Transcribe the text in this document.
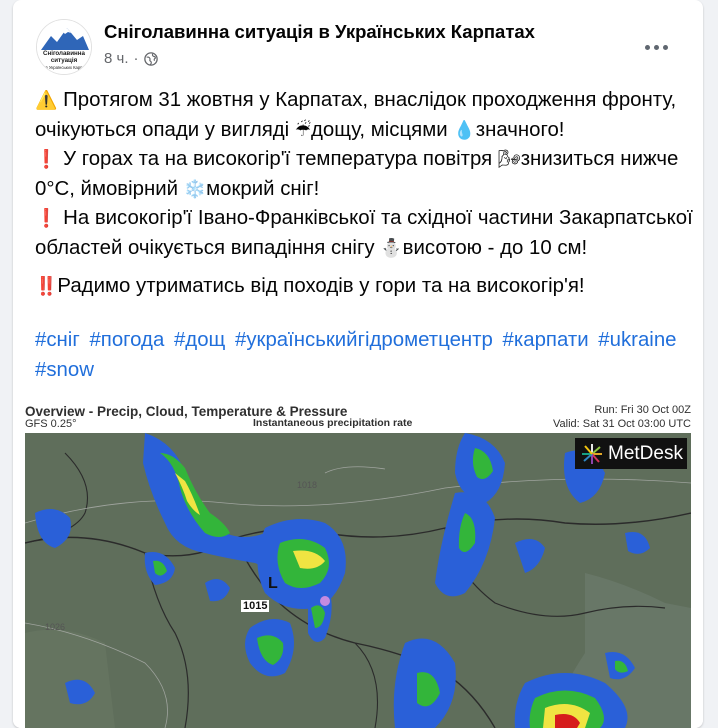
Сніголавинна
ситуація
в Українських Карп
Сніголавинна ситуація в Українських Карпатах
8 ч. ·

⚠️ Протягом 31 жовтня у Карпатах, внаслідок проходження фронту, очікуються опади у вигляді ☔дощу, місцями 💧значного!

❗ У горах та на високогір'ї температура повітря 🌬знизиться нижче 0°C, ймовірний ❄️мокрий сніг!

❗ На високогір'ї Івано-Франківської та східної частини Закарпатської областей очікується випадіння снігу ⛄висотою - до 10 см!

‼️Радимо утриматись від походів у гори та на високогір'я!

#сніг #погода #дощ #українськийгідрометцентр #карпати #ukraine #snow
Overview - Precip, Cloud, Temperature & Pressure
GFS 0.25°	Instantaneous precipitation rate
Run: Fri 30 Oct 00Z
Valid: Sat 31 Oct 03:00 UTC
MetDesk
L
1015
1018
1026
